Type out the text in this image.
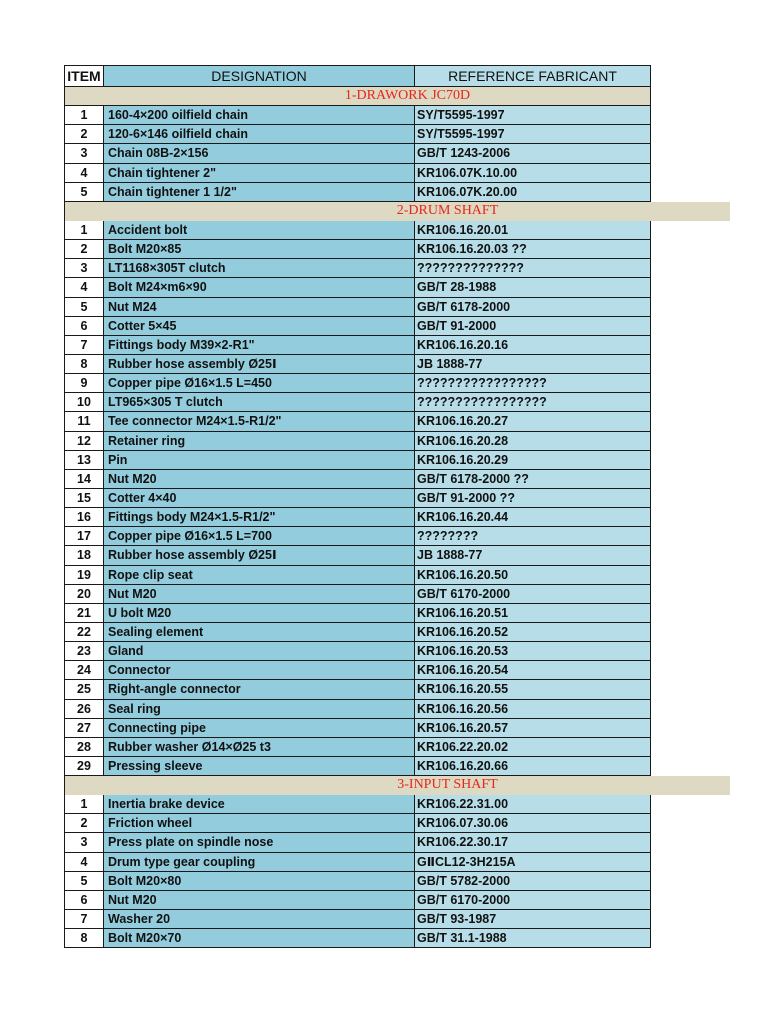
ITEM	DESIGNATION	REFERENCE FABRICANT
1-DRAWORK JC70D
1	160-4×200 oilfield chain	SY/T5595-1997
2	120-6×146 oilfield chain	SY/T5595-1997
3	Chain 08B-2×156	GB/T 1243-2006
4	Chain tightener 2"	KR106.07K.10.00
5	Chain tightener 1 1/2"	KR106.07K.20.00
2-DRUM SHAFT
1	Accident bolt	KR106.16.20.01
2	Bolt M20×85	KR106.16.20.03 ??
3	LT1168×305T clutch	??????????????
4	Bolt M24×m6×90	GB/T 28-1988
5	Nut M24	GB/T 6178-2000
6	Cotter 5×45	GB/T 91-2000
7	Fittings body M39×2-R1"	KR106.16.20.16
8	Rubber hose assembly Ø25Ⅰ	JB 1888-77
9	Copper pipe Ø16×1.5 L=450	?????????????????
10	LT965×305 T clutch	?????????????????
11	Tee connector M24×1.5-R1/2"	KR106.16.20.27
12	Retainer ring	KR106.16.20.28
13	Pin	KR106.16.20.29
14	Nut M20	GB/T 6178-2000 ??
15	Cotter 4×40	GB/T 91-2000 ??
16	Fittings body M24×1.5-R1/2"	KR106.16.20.44
17	Copper pipe Ø16×1.5 L=700	????????
18	Rubber hose assembly Ø25Ⅰ	JB 1888-77
19	Rope clip seat	KR106.16.20.50
20	Nut M20	GB/T 6170-2000
21	U bolt M20	KR106.16.20.51
22	Sealing element	KR106.16.20.52
23	Gland	KR106.16.20.53
24	Connector	KR106.16.20.54
25	Right-angle connector	KR106.16.20.55
26	Seal ring	KR106.16.20.56
27	Connecting pipe	KR106.16.20.57
28	Rubber washer Ø14×Ø25 t3	KR106.22.20.02
29	Pressing sleeve	KR106.16.20.66
3-INPUT SHAFT
1	Inertia brake device	KR106.22.31.00
2	Friction wheel	KR106.07.30.06
3	Press plate on spindle nose	KR106.22.30.17
4	Drum type gear coupling	GⅡCL12-3H215A
5	Bolt M20×80	GB/T 5782-2000
6	Nut M20	GB/T 6170-2000
7	Washer 20	GB/T 93-1987
8	Bolt M20×70	GB/T 31.1-1988
